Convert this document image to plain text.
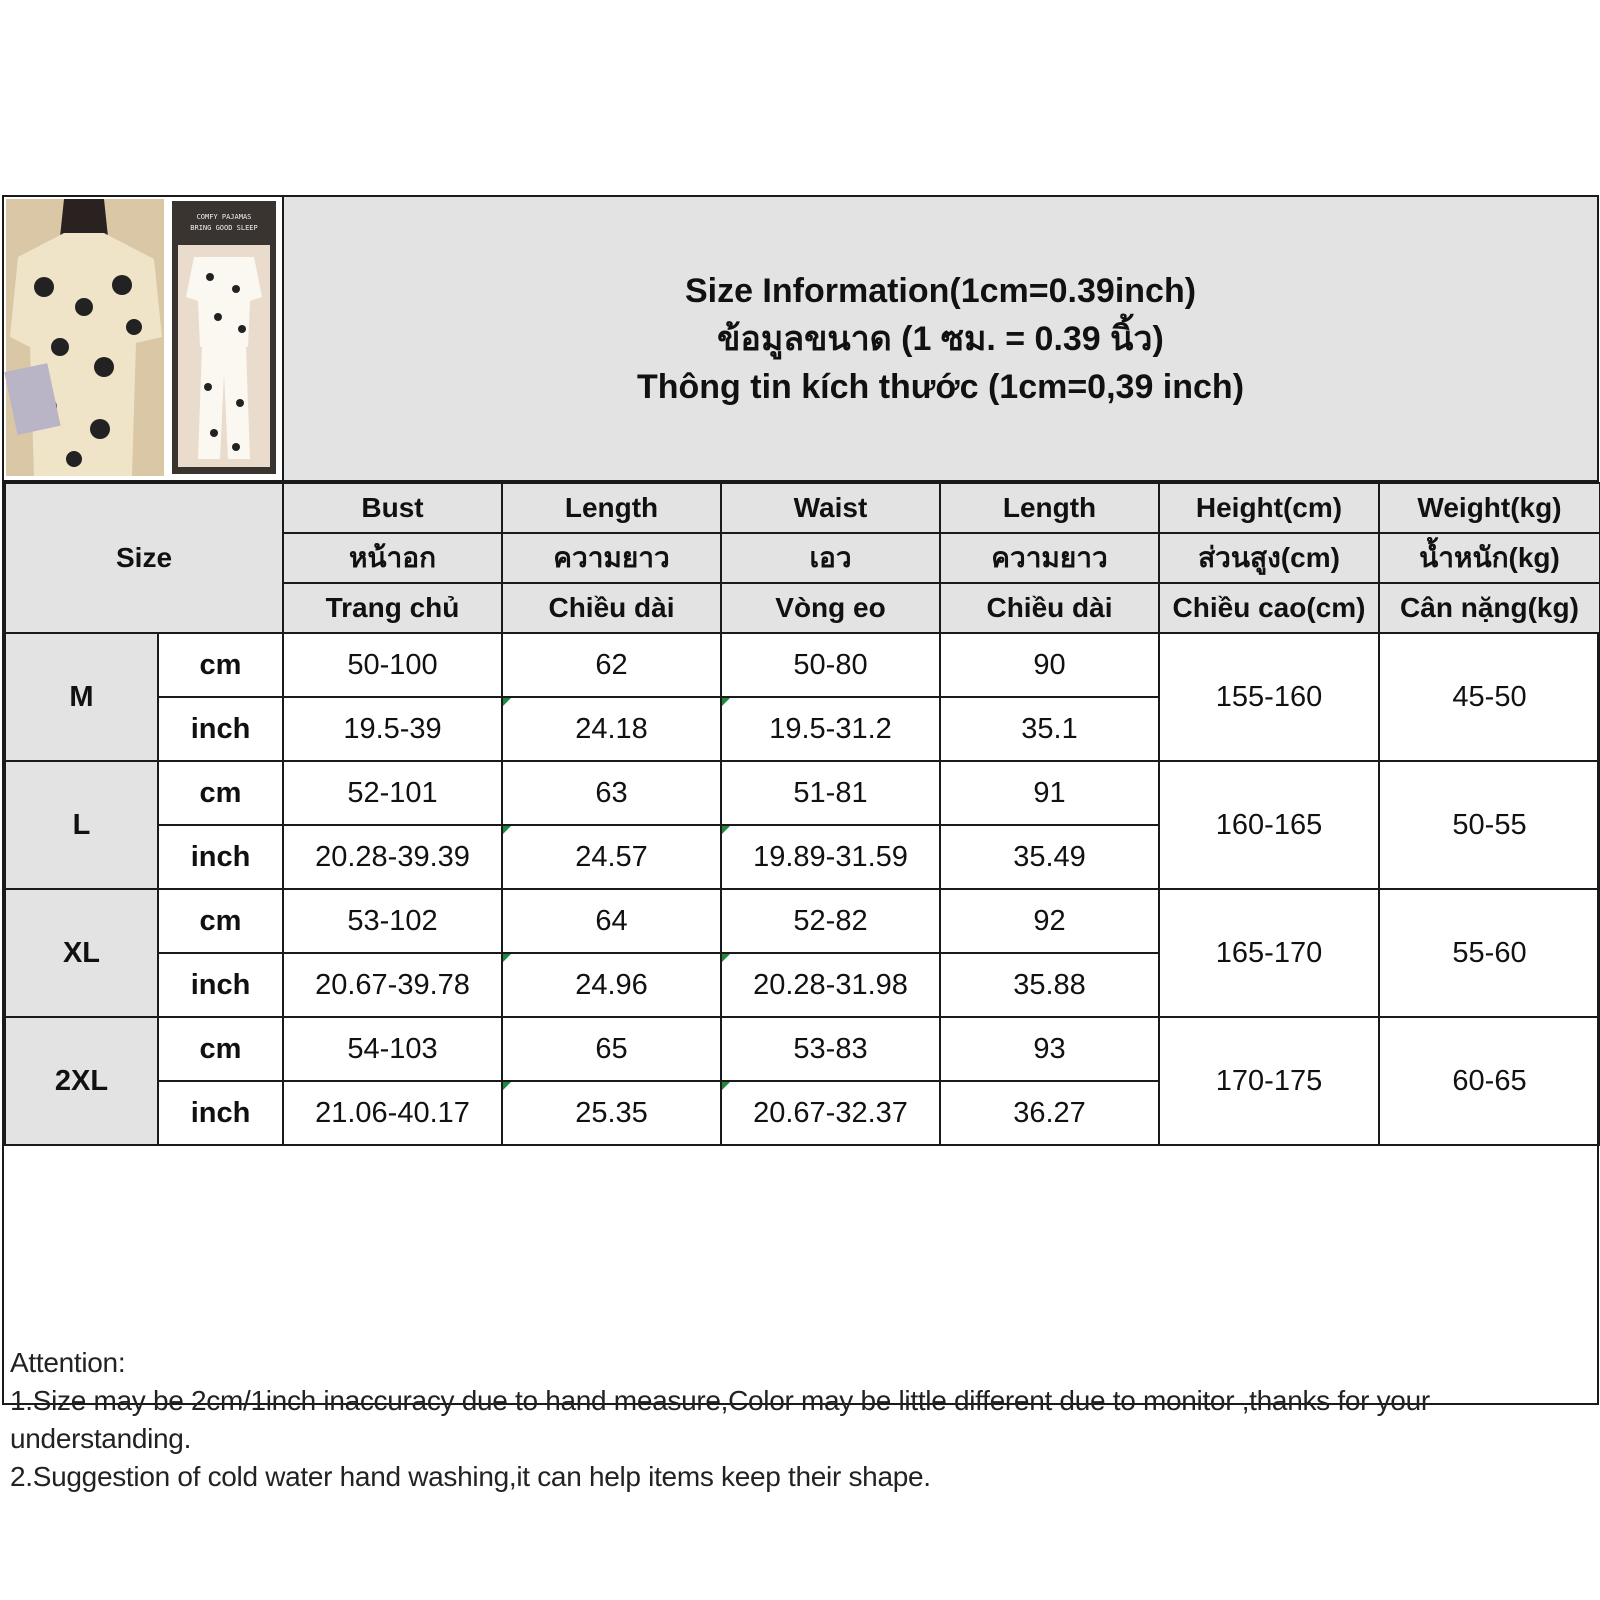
COMFY PAJAMAS
BRING GOOD SLEEP
Size Information(1cm=0.39inch)
ข้อมูลขนาด (1 ซม. = 0.39 นิ้ว)
Thông tin kích thước (1cm=0,39 inch)
Size		Bust	Length	Waist	Length	Height(cm)	Weight(kg)
		หน้าอก	ความยาว	เอว	ความยาว	ส่วนสูง(cm)	น้ำหนัก(kg)
		Trang chủ	Chiều dài	Vòng eo	Chiều dài	Chiều cao(cm)	Cân nặng(kg)
M	cm	50-100	62	50-80	90	155-160	45-50
	inch	19.5-39	24.18	19.5-31.2	35.1		
L	cm	52-101	63	51-81	91	160-165	50-55
	inch	20.28-39.39	24.57	19.89-31.59	35.49		
XL	cm	53-102	64	52-82	92	165-170	55-60
	inch	20.67-39.78	24.96	20.28-31.98	35.88		
2XL	cm	54-103	65	53-83	93	170-175	60-65
	inch	21.06-40.17	25.35	20.67-32.37	36.27		
Attention:
1.Size may be 2cm/1inch inaccuracy due to hand measure,Color may be little different due to monitor ,thanks for your understanding.
2.Suggestion of cold water hand washing,it can help items keep their shape.
